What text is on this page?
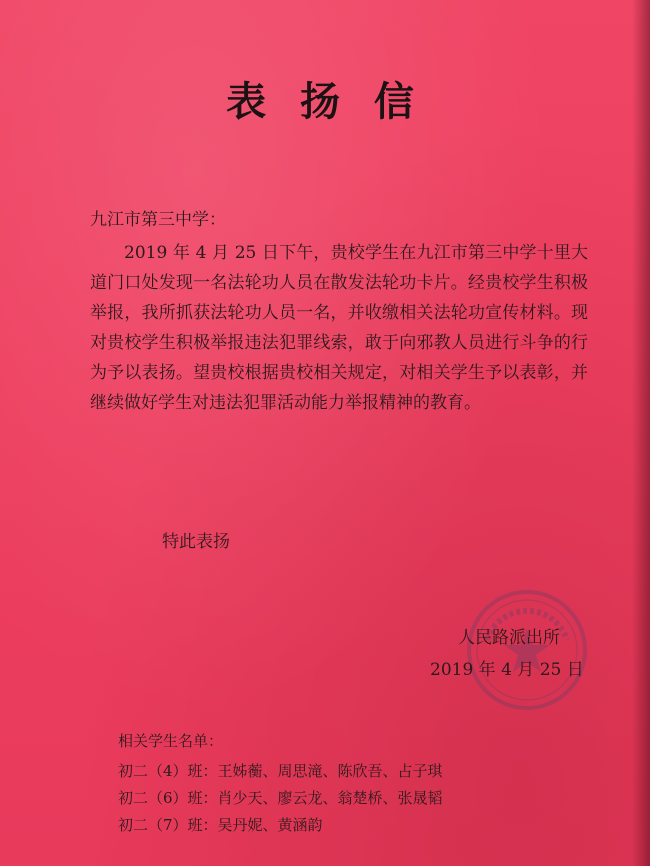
表 扬 信

九江市第三中学：

2019 年 4 月 25 日下午，贵校学生在九江市第三中学十里大道门口处发现一名法轮功人员在散发法轮功卡片。经贵校学生积极举报，我所抓获法轮功人员一名，并收缴相关法轮功宣传材料。现对贵校学生积极举报违法犯罪线索，敢于向邪教人员进行斗争的行为予以表扬。望贵校根据贵校相关规定，对相关学生予以表彰，并继续做好学生对违法犯罪活动能力举报精神的教育。

特此表扬

人民路派出所

2019 年 4 月 25 日

相关学生名单：

初二（4）班：王姊蘅、周思滝、陈欣吾、占子琪

初二（6）班：肖少天、廖云龙、翁楚桥、张晟韬

初二（7）班：吴丹妮、黄涵韵
